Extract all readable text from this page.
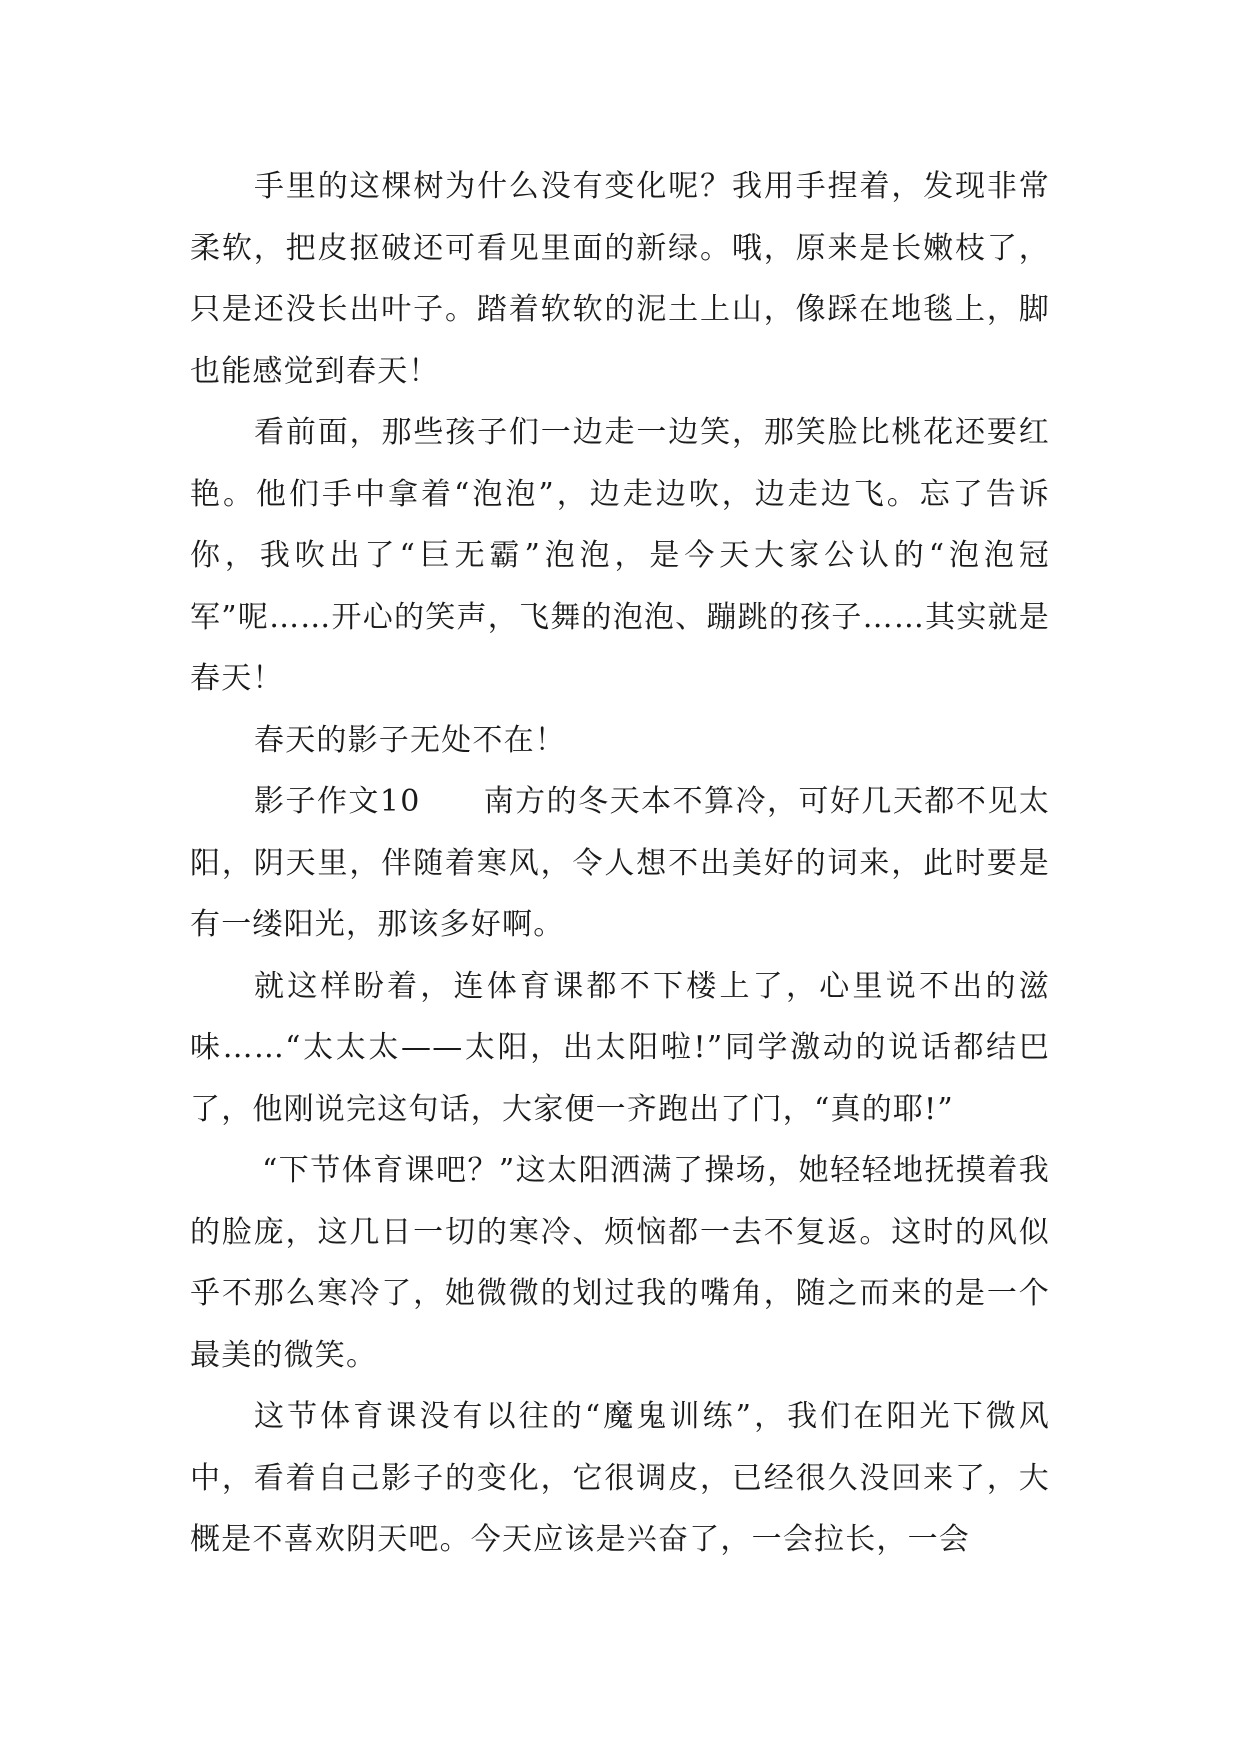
手里的这棵树为什么没有变化呢？我用手捏着，发现非常柔软，把皮抠破还可看见里面的新绿。哦，原来是长嫩枝了，只是还没长出叶子。踏着软软的泥土上山，像踩在地毯上，脚也能感觉到春天！

看前面，那些孩子们一边走一边笑，那笑脸比桃花还要红艳。他们手中拿着“泡泡”，边走边吹，边走边飞。忘了告诉你，我吹出了“巨无霸”泡泡，是今天大家公认的“泡泡冠军”呢……开心的笑声，飞舞的泡泡、蹦跳的孩子……其实就是春天！

春天的影子无处不在！

影子作文10　　南方的冬天本不算冷，可好几天都不见太阳，阴天里，伴随着寒风，令人想不出美好的词来，此时要是有一缕阳光，那该多好啊。

就这样盼着，连体育课都不下楼上了，心里说不出的滋味……“太太太——太阳，出太阳啦!”同学激动的说话都结巴了，他刚说完这句话，大家便一齐跑出了门，“真的耶!”

“下节体育课吧？”这太阳洒满了操场，她轻轻地抚摸着我的脸庞，这几日一切的寒冷、烦恼都一去不复返。这时的风似乎不那么寒冷了，她微微的划过我的嘴角，随之而来的是一个最美的微笑。

这节体育课没有以往的“魔鬼训练”，我们在阳光下微风中，看着自己影子的变化，它很调皮，已经很久没回来了，大概是不喜欢阴天吧。今天应该是兴奋了，一会拉长，一会
